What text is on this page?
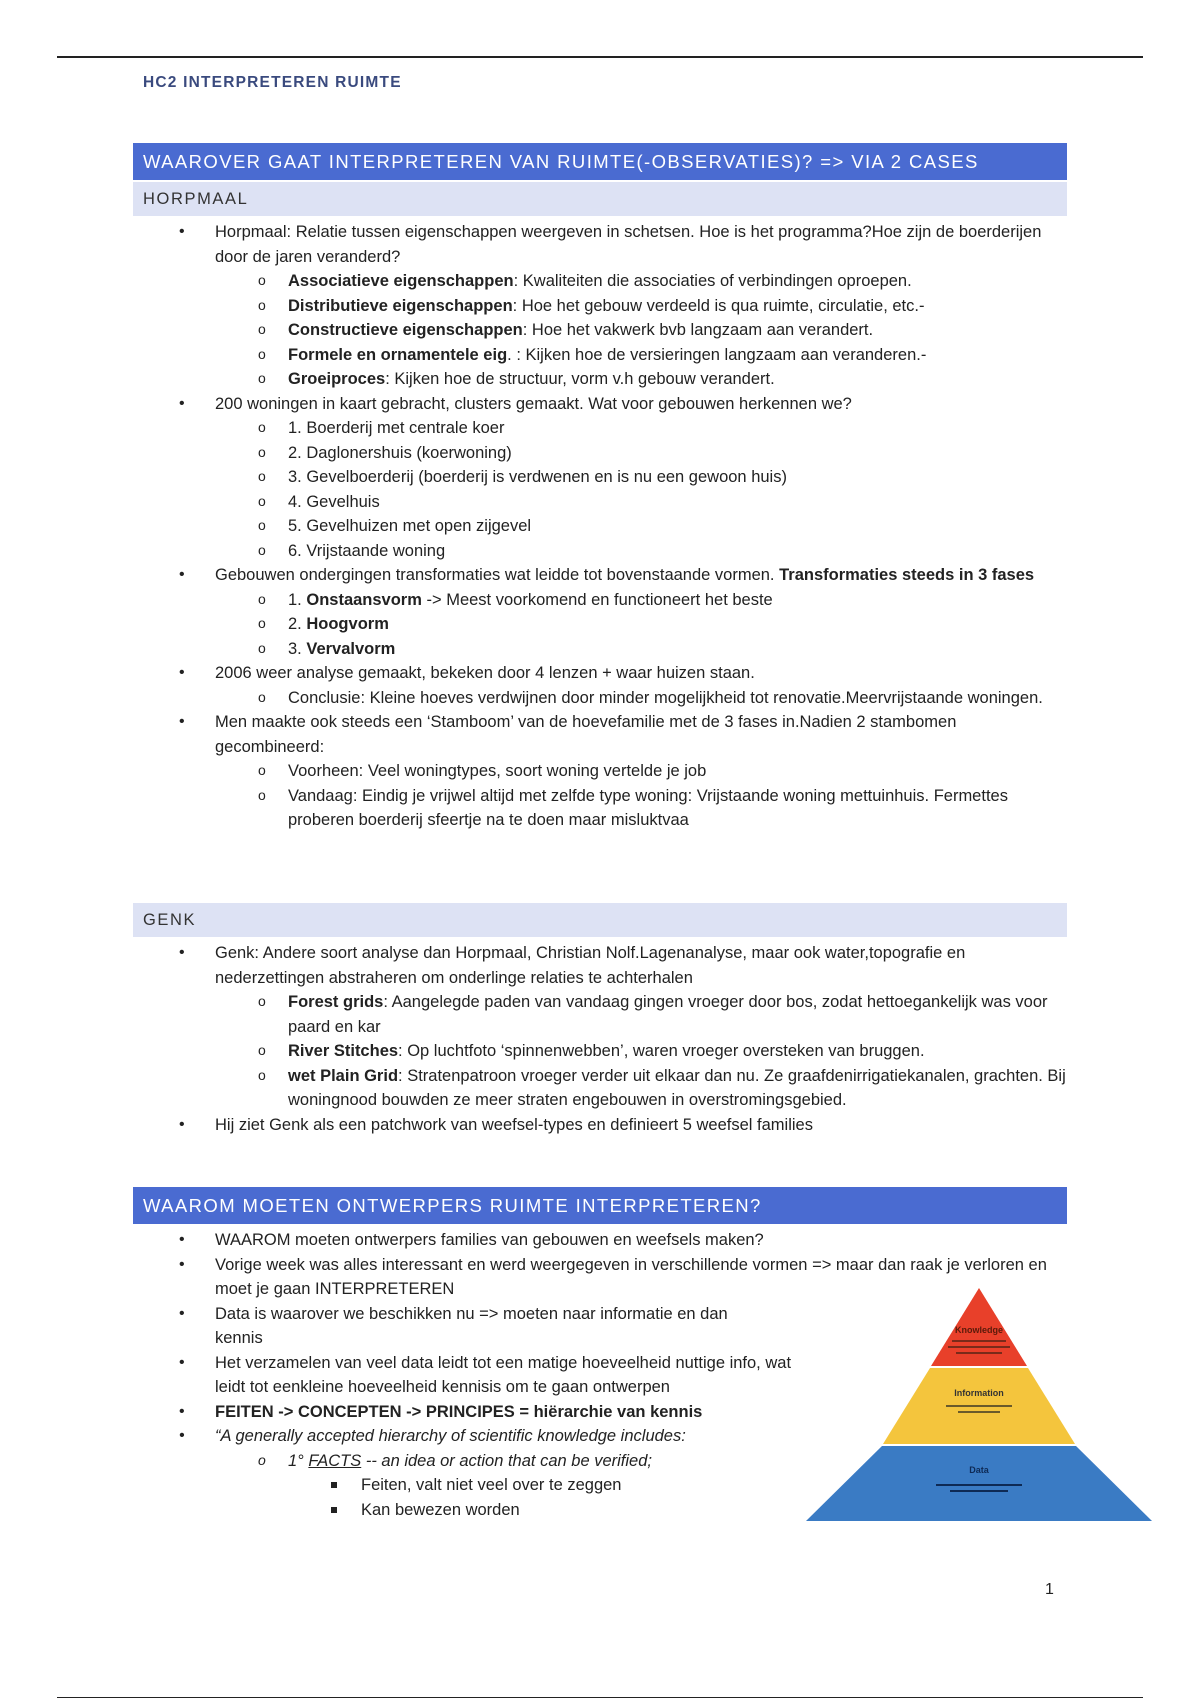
HC2 INTERPRETEREN RUIMTE
WAAROVER GAAT INTERPRETEREN VAN RUIMTE(-OBSERVATIES)? => VIA 2 CASES
HORPMAAL
• Horpmaal: Relatie tussen eigenschappen weergeven in schetsen. Hoe is het programma?Hoe zijn de boerderijen door de jaren veranderd?
o Associatieve eigenschappen: Kwaliteiten die associaties of verbindingen oproepen.
o Distributieve eigenschappen: Hoe het gebouw verdeeld is qua ruimte, circulatie, etc.-
o Constructieve eigenschappen: Hoe het vakwerk bvb langzaam aan verandert.
o Formele en ornamentele eig. : Kijken hoe de versieringen langzaam aan veranderen.-
o Groeiproces: Kijken hoe de structuur, vorm v.h gebouw verandert.
• 200 woningen in kaart gebracht, clusters gemaakt. Wat voor gebouwen herkennen we?
o 1. Boerderij met centrale koer
o 2. Daglonershuis (koerwoning)
o 3. Gevelboerderij (boerderij is verdwenen en is nu een gewoon huis)
o 4. Gevelhuis
o 5. Gevelhuizen met open zijgevel
o 6. Vrijstaande woning
• Gebouwen ondergingen transformaties wat leidde tot bovenstaande vormen. Transformaties steeds in 3 fases
o 1. Onstaansvorm -> Meest voorkomend en functioneert het beste
o 2. Hoogvorm
o 3. Vervalvorm
• 2006 weer analyse gemaakt, bekeken door 4 lenzen + waar huizen staan.
o Conclusie: Kleine hoeves verdwijnen door minder mogelijkheid tot renovatie.Meervrijstaande woningen.
• Men maakte ook steeds een ‘Stamboom’ van de hoevefamilie met de 3 fases in.Nadien 2 stambomen gecombineerd:
o Voorheen: Veel woningtypes, soort woning vertelde je job
o Vandaag: Eindig je vrijwel altijd met zelfde type woning: Vrijstaande woning mettuinhuis. Fermettes proberen boerderij sfeertje na te doen maar misluktvaa
GENK
• Genk: Andere soort analyse dan Horpmaal, Christian Nolf.Lagenanalyse, maar ook water,topografie en nederzettingen abstraheren om onderlinge relaties te achterhalen
o Forest grids: Aangelegde paden van vandaag gingen vroeger door bos, zodat hettoegankelijk was voor paard en kar
o River Stitches: Op luchtfoto ‘spinnenwebben’, waren vroeger oversteken van bruggen.
o wet Plain Grid: Stratenpatroon vroeger verder uit elkaar dan nu. Ze graafdenirrigatiekanalen, grachten. Bij woningnood bouwden ze meer straten engebouwen in overstromingsgebied.
• Hij ziet Genk als een patchwork van weefsel-types en definieert 5 weefsel families
WAAROM MOETEN ONTWERPERS RUIMTE INTERPRETEREN?
• WAAROM moeten ontwerpers families van gebouwen en weefsels maken?
• Vorige week was alles interessant en werd weergegeven in verschillende vormen => maar dan raak je verloren en moet je gaan INTERPRETEREN
• Data is waarover we beschikken nu => moeten naar informatie en dan kennis
• Het verzamelen van veel data leidt tot een matige hoeveelheid nuttige info, wat leidt tot eenkleine hoeveelheid kennisis om te gaan ontwerpen
• FEITEN -> CONCEPTEN -> PRINCIPES = hiërarchie van kennis
• “A generally accepted hierarchy of scientific knowledge includes:
o 1° FACTS -- an idea or action that can be verified;
Feiten, valt niet veel over te zeggen
Kan bewezen worden
Knowledge
Information
Data
1
